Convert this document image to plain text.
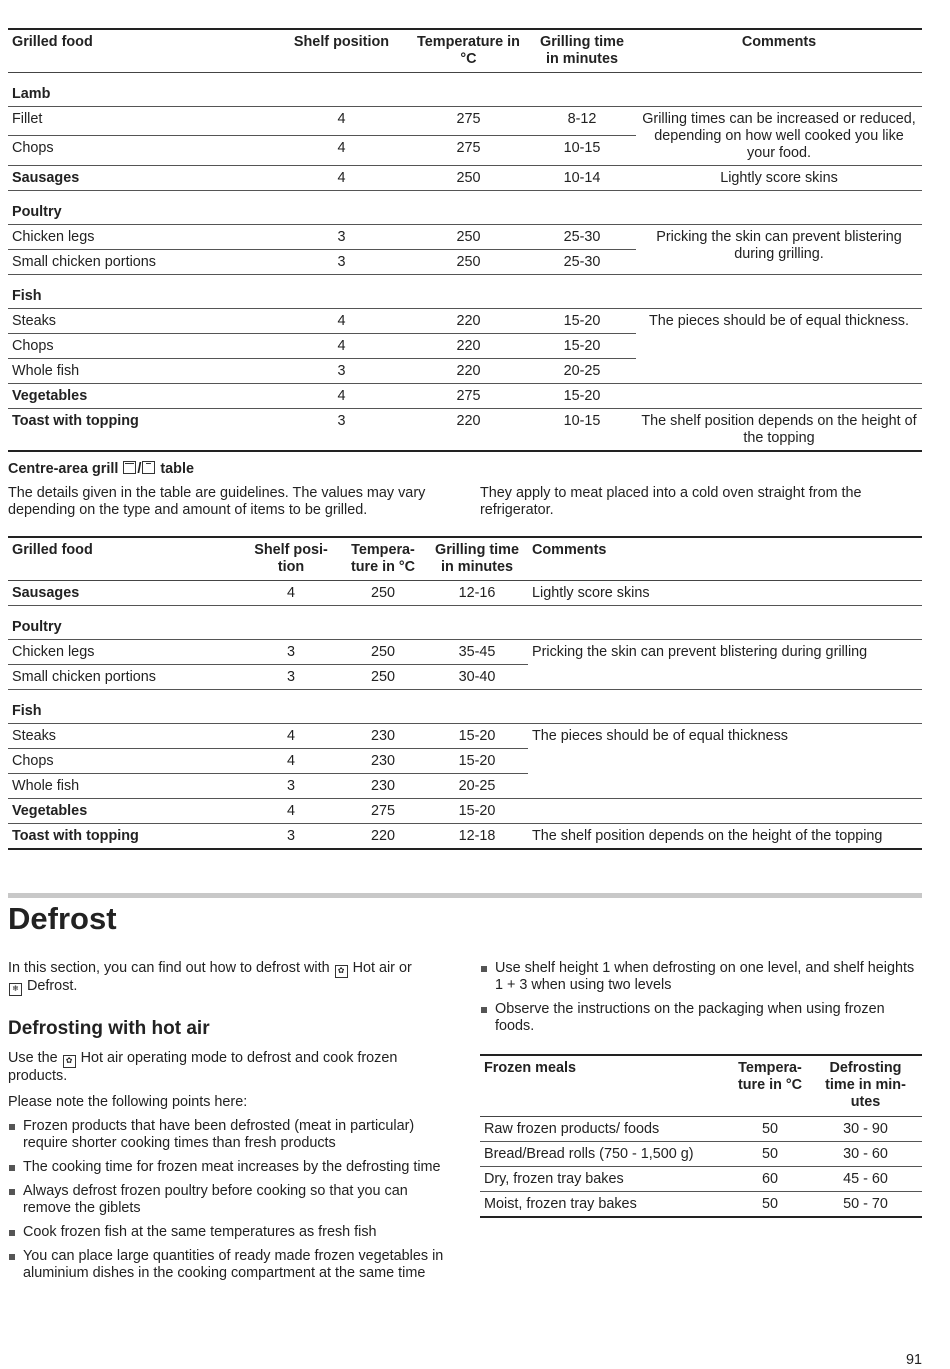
Grilled food	Shelf position	Temperature in °C	Grilling time in minutes	Comments
Lamb				
Fillet	4	275	8-12	Grilling times can be increased or reduced, depending on how well cooked you like your food.
Chops	4	275	10-15	
Sausages	4	250	10-14	Lightly score skins
Poultry				
Chicken legs	3	250	25-30	Pricking the skin can prevent blistering during grilling.
Small chicken portions	3	250	25-30	
Fish				
Steaks	4	220	15-20	The pieces should be of equal thickness.
Chops	4	220	15-20	
Whole fish	3	220	20-25	
Vegetables	4	275	15-20	
Toast with topping	3	220	10-15	The shelf position depends on the height of the topping
Centre-area grill / table
The details given in the table are guidelines. The values may vary depending on the type and amount of items to be grilled.
They apply to meat placed into a cold oven straight from the refrigerator.
Grilled food	Shelf posi-tion	Tempera-ture in °C	Grilling time in minutes	Comments
Sausages	4	250	12-16	Lightly score skins
Poultry				
Chicken legs	3	250	35-45	Pricking the skin can prevent blistering during grilling
Small chicken portions	3	250	30-40	
Fish				
Steaks	4	230	15-20	The pieces should be of equal thickness
Chops	4	230	15-20	
Whole fish	3	230	20-25	
Vegetables	4	275	15-20	
Toast with topping	3	220	12-18	The shelf position depends on the height of the topping
Defrost
In this section, you can find out how to defrost with ✿ Hot air or
❄ Defrost.
Defrosting with hot air
Use the ✿ Hot air operating mode to defrost and cook frozen products.
Please note the following points here:
Frozen products that have been defrosted (meat in particular) require shorter cooking times than fresh products
The cooking time for frozen meat increases by the defrosting time
Always defrost frozen poultry before cooking so that you can remove the giblets
Cook frozen fish at the same temperatures as fresh fish
You can place large quantities of ready made frozen vegetables in aluminium dishes in the cooking compartment at the same time
Use shelf height 1 when defrosting on one level, and shelf heights 1 + 3 when using two levels
Observe the instructions on the packaging when using frozen foods.
Frozen meals	Tempera-ture in °C	Defrosting time in min-utes
Raw frozen products/ foods	50	30 - 90
Bread/Bread rolls (750 - 1,500 g)	50	30 - 60
Dry, frozen tray bakes	60	45 - 60
Moist, frozen tray bakes	50	50 - 70
91
